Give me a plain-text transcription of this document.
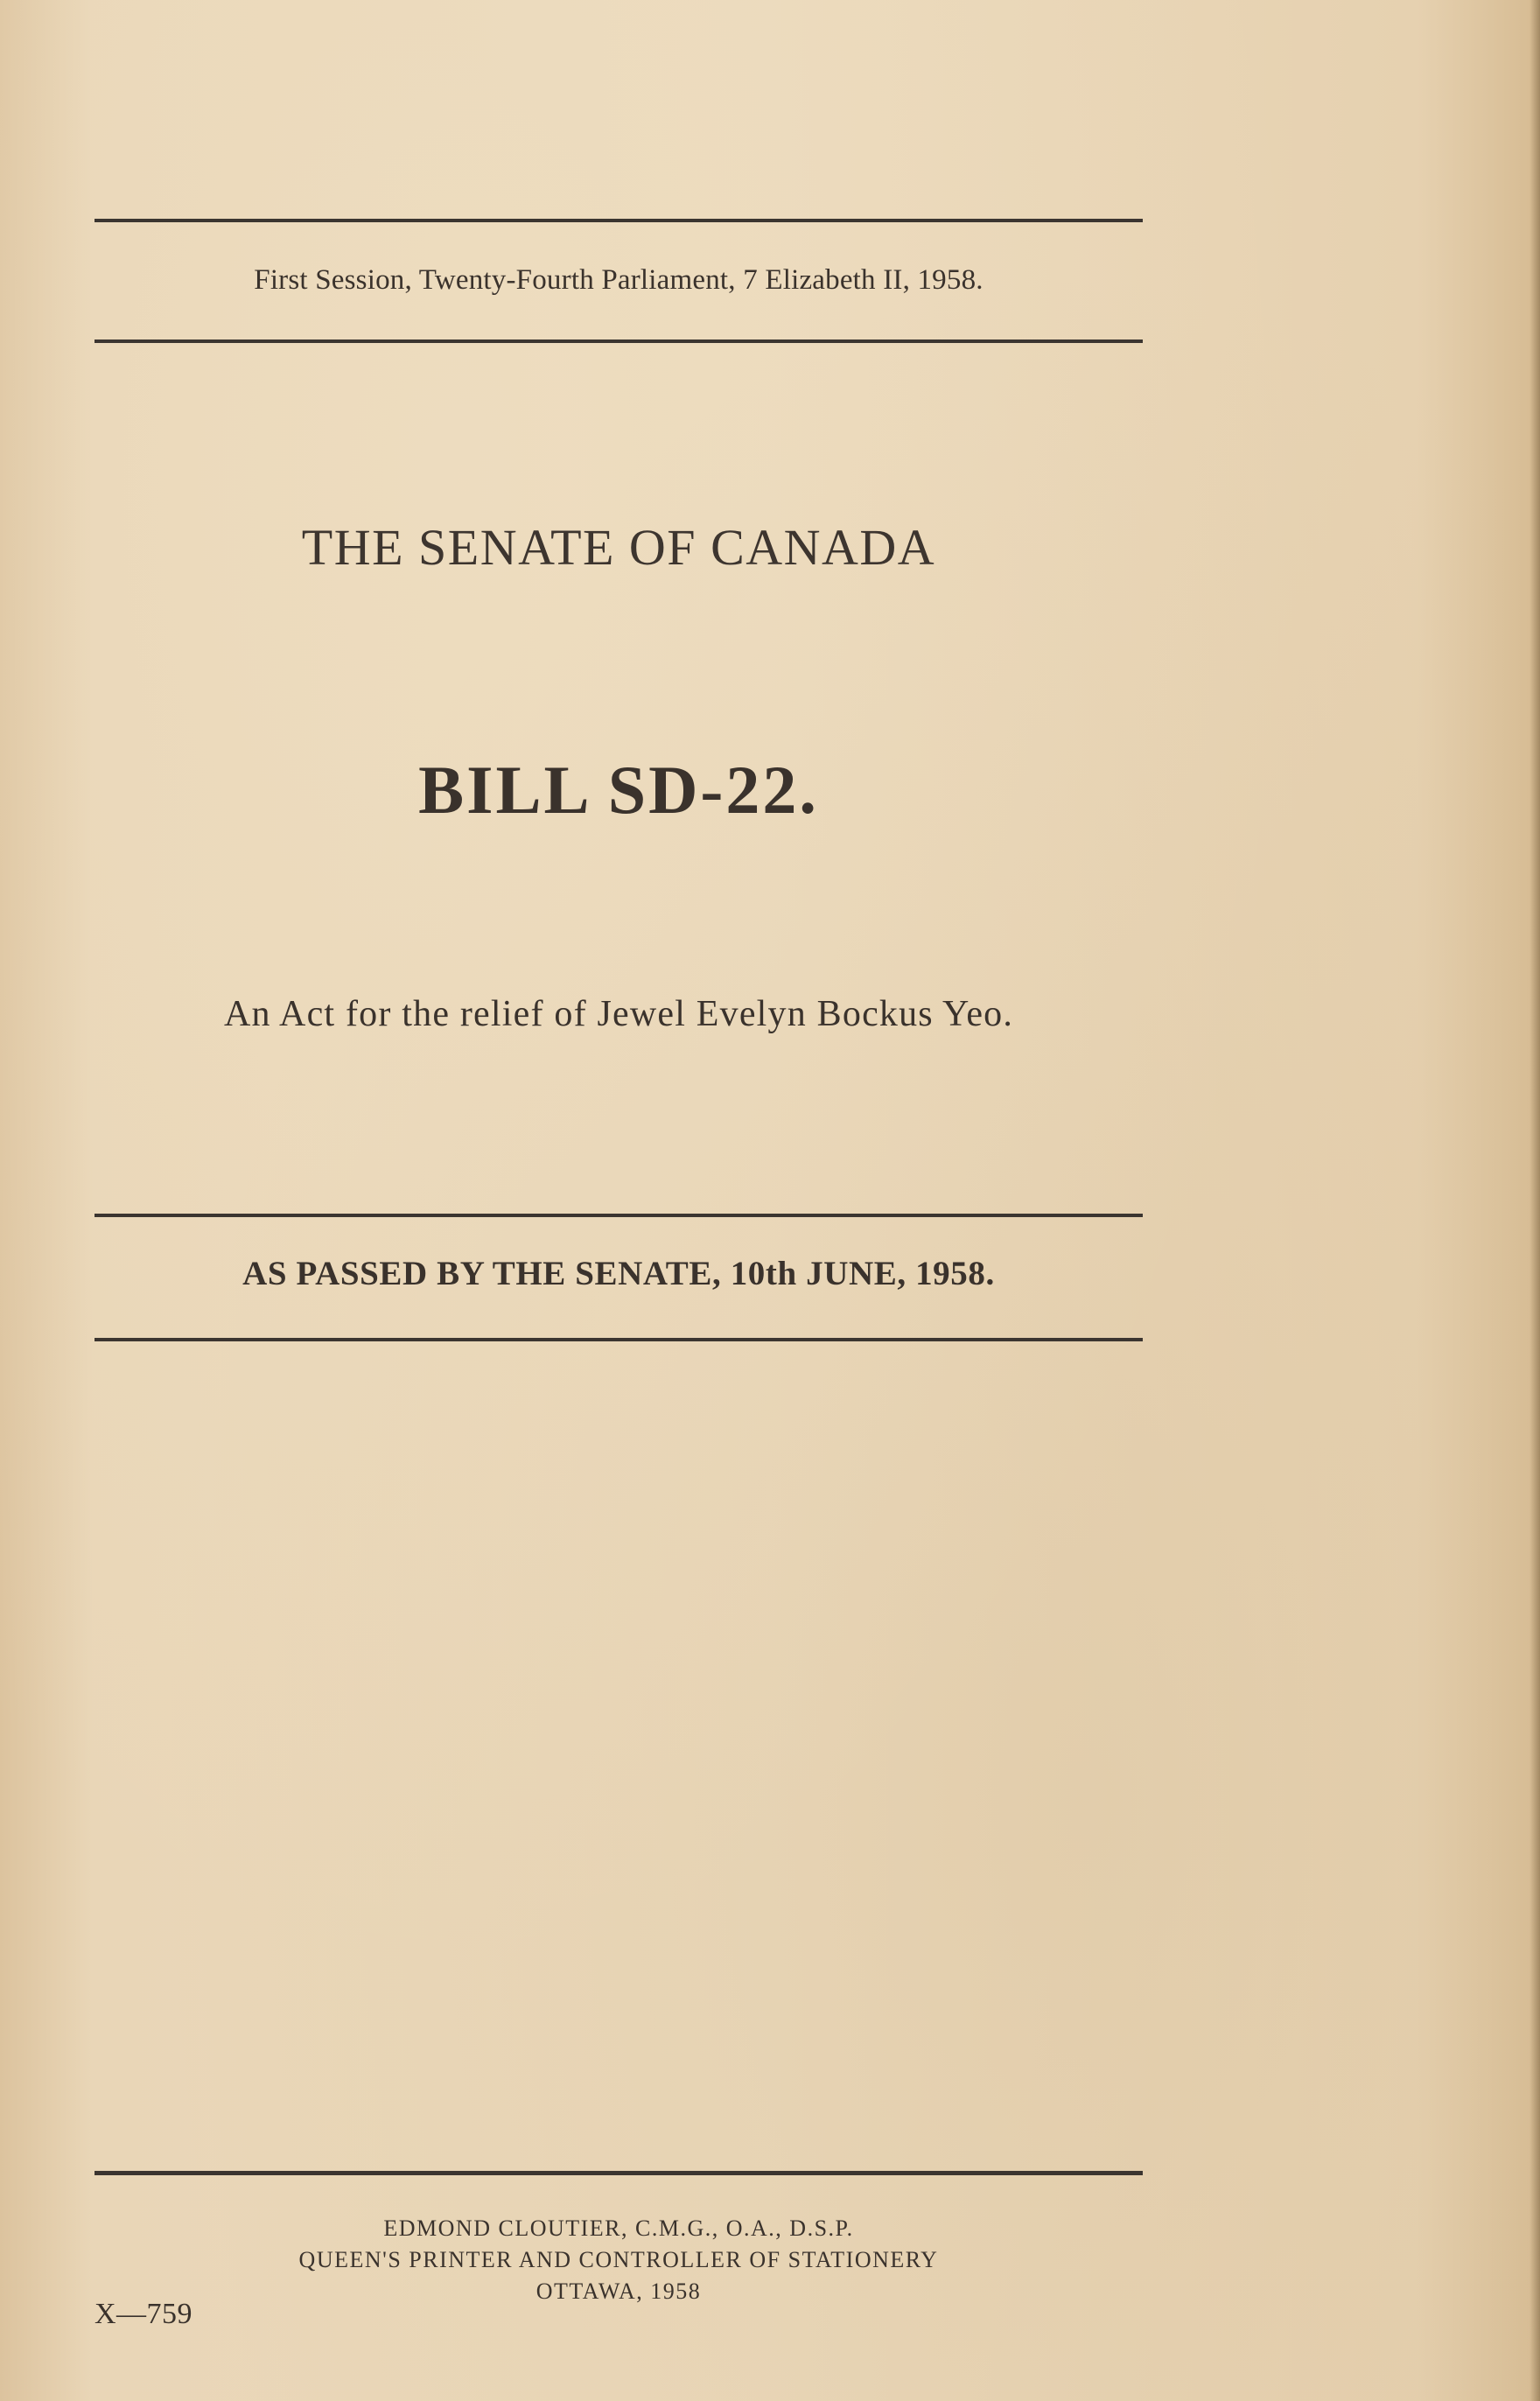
First Session, Twenty-Fourth Parliament, 7 Elizabeth II, 1958.
THE SENATE OF CANADA
BILL SD-22.
An Act for the relief of Jewel Evelyn Bockus Yeo.
AS PASSED BY THE SENATE, 10th JUNE, 1958.
EDMOND CLOUTIER, C.M.G., O.A., D.S.P.
QUEEN'S PRINTER AND CONTROLLER OF STATIONERY
OTTAWA, 1958
X—759
